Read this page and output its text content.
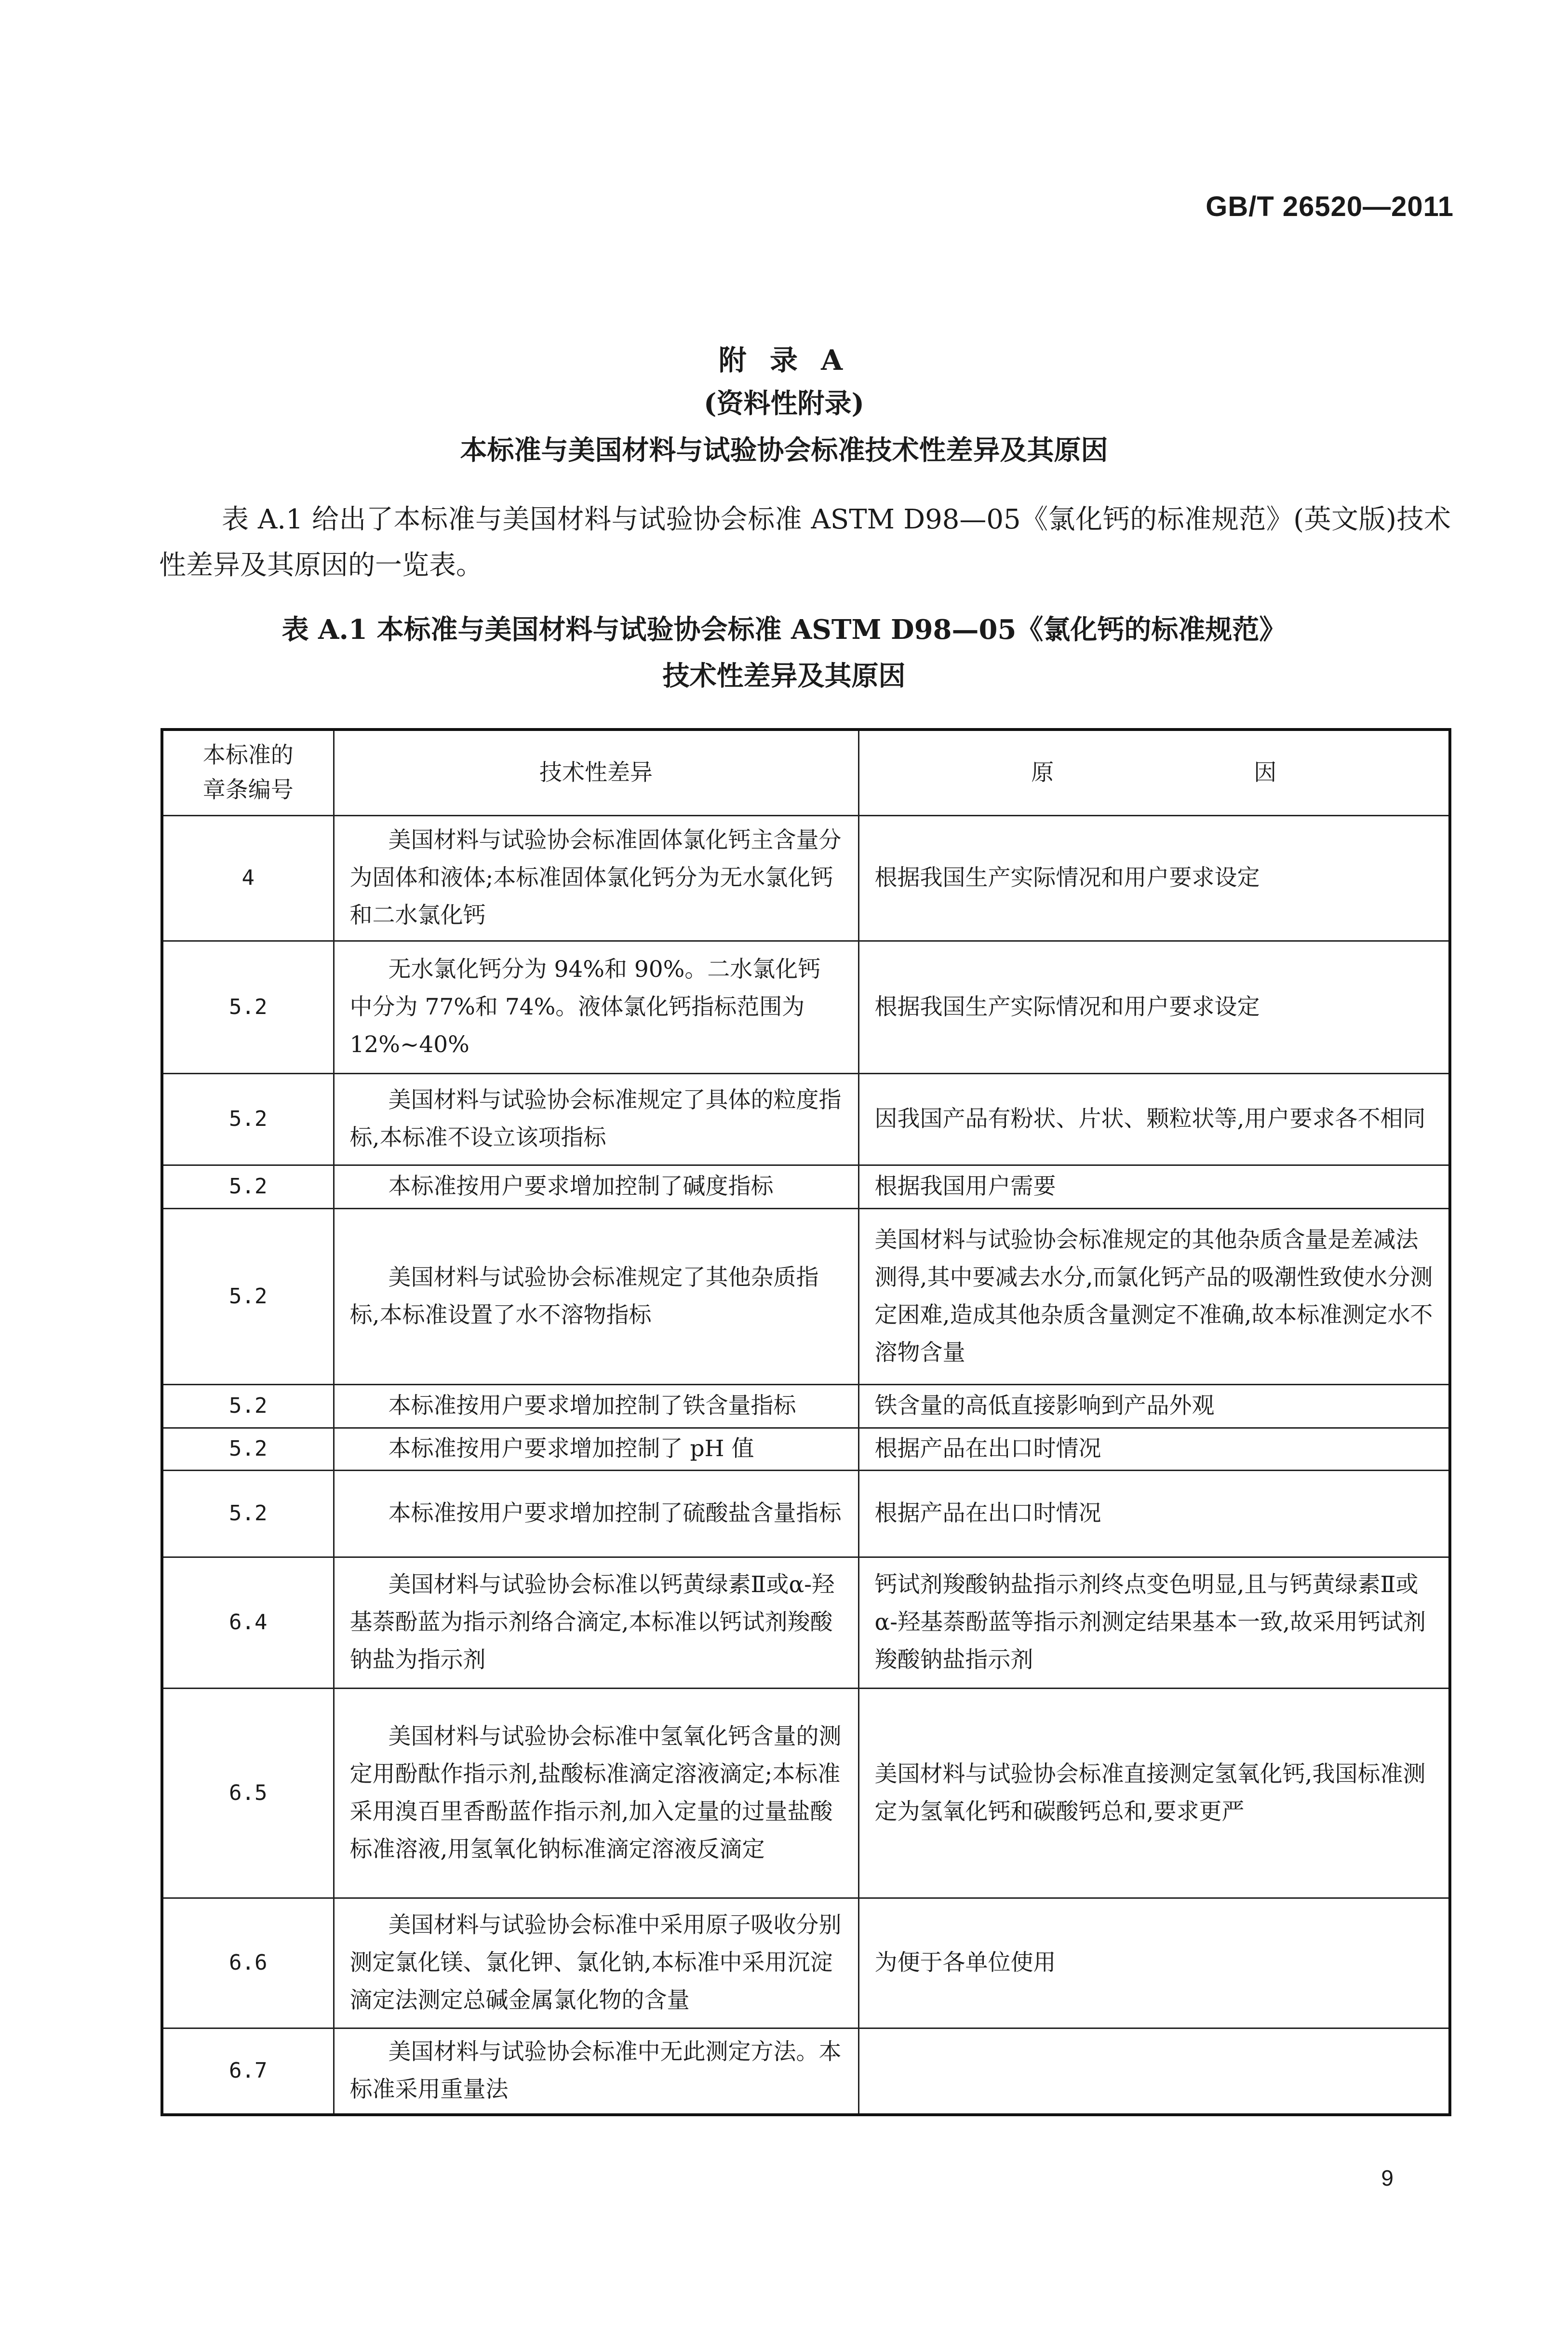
GB/T 26520—2011
附 录 A
(资料性附录)
本标准与美国材料与试验协会标准技术性差异及其原因
表 A.1 给出了本标准与美国材料与试验协会标准 ASTM D98—05《氯化钙的标准规范》(英文版)技术性差异及其原因的一览表。
表 A.1 本标准与美国材料与试验协会标准 ASTM D98—05《氯化钙的标准规范》
技术性差异及其原因
本标准的
章条编号	技术性差异	原 因
4	美国材料与试验协会标准固体氯化钙主含量分为固体和液体;本标准固体氯化钙分为无水氯化钙和二水氯化钙	根据我国生产实际情况和用户要求设定
5.2	无水氯化钙分为 94%和 90%。二水氯化钙中分为 77%和 74%。液体氯化钙指标范围为 12%~40%	根据我国生产实际情况和用户要求设定
5.2	美国材料与试验协会标准规定了具体的粒度指标,本标准不设立该项指标	因我国产品有粉状、片状、颗粒状等,用户要求各不相同
5.2	本标准按用户要求增加控制了碱度指标	根据我国用户需要
5.2	美国材料与试验协会标准规定了其他杂质指标,本标准设置了水不溶物指标	美国材料与试验协会标准规定的其他杂质含量是差减法测得,其中要减去水分,而氯化钙产品的吸潮性致使水分测定困难,造成其他杂质含量测定不准确,故本标准测定水不溶物含量
5.2	本标准按用户要求增加控制了铁含量指标	铁含量的高低直接影响到产品外观
5.2	本标准按用户要求增加控制了 pH 值	根据产品在出口时情况
5.2	本标准按用户要求增加控制了硫酸盐含量指标	根据产品在出口时情况
6.4	美国材料与试验协会标准以钙黄绿素Ⅱ或α-羟基萘酚蓝为指示剂络合滴定,本标准以钙试剂羧酸钠盐为指示剂	钙试剂羧酸钠盐指示剂终点变色明显,且与钙黄绿素Ⅱ或α-羟基萘酚蓝等指示剂测定结果基本一致,故采用钙试剂羧酸钠盐指示剂
6.5	美国材料与试验协会标准中氢氧化钙含量的测定用酚酞作指示剂,盐酸标准滴定溶液滴定;本标准采用溴百里香酚蓝作指示剂,加入定量的过量盐酸标准溶液,用氢氧化钠标准滴定溶液反滴定	美国材料与试验协会标准直接测定氢氧化钙,我国标准测定为氢氧化钙和碳酸钙总和,要求更严
6.6	美国材料与试验协会标准中采用原子吸收分别测定氯化镁、氯化钾、氯化钠,本标准中采用沉淀滴定法测定总碱金属氯化物的含量	为便于各单位使用
6.7	美国材料与试验协会标准中无此测定方法。本标准采用重量法	
9
